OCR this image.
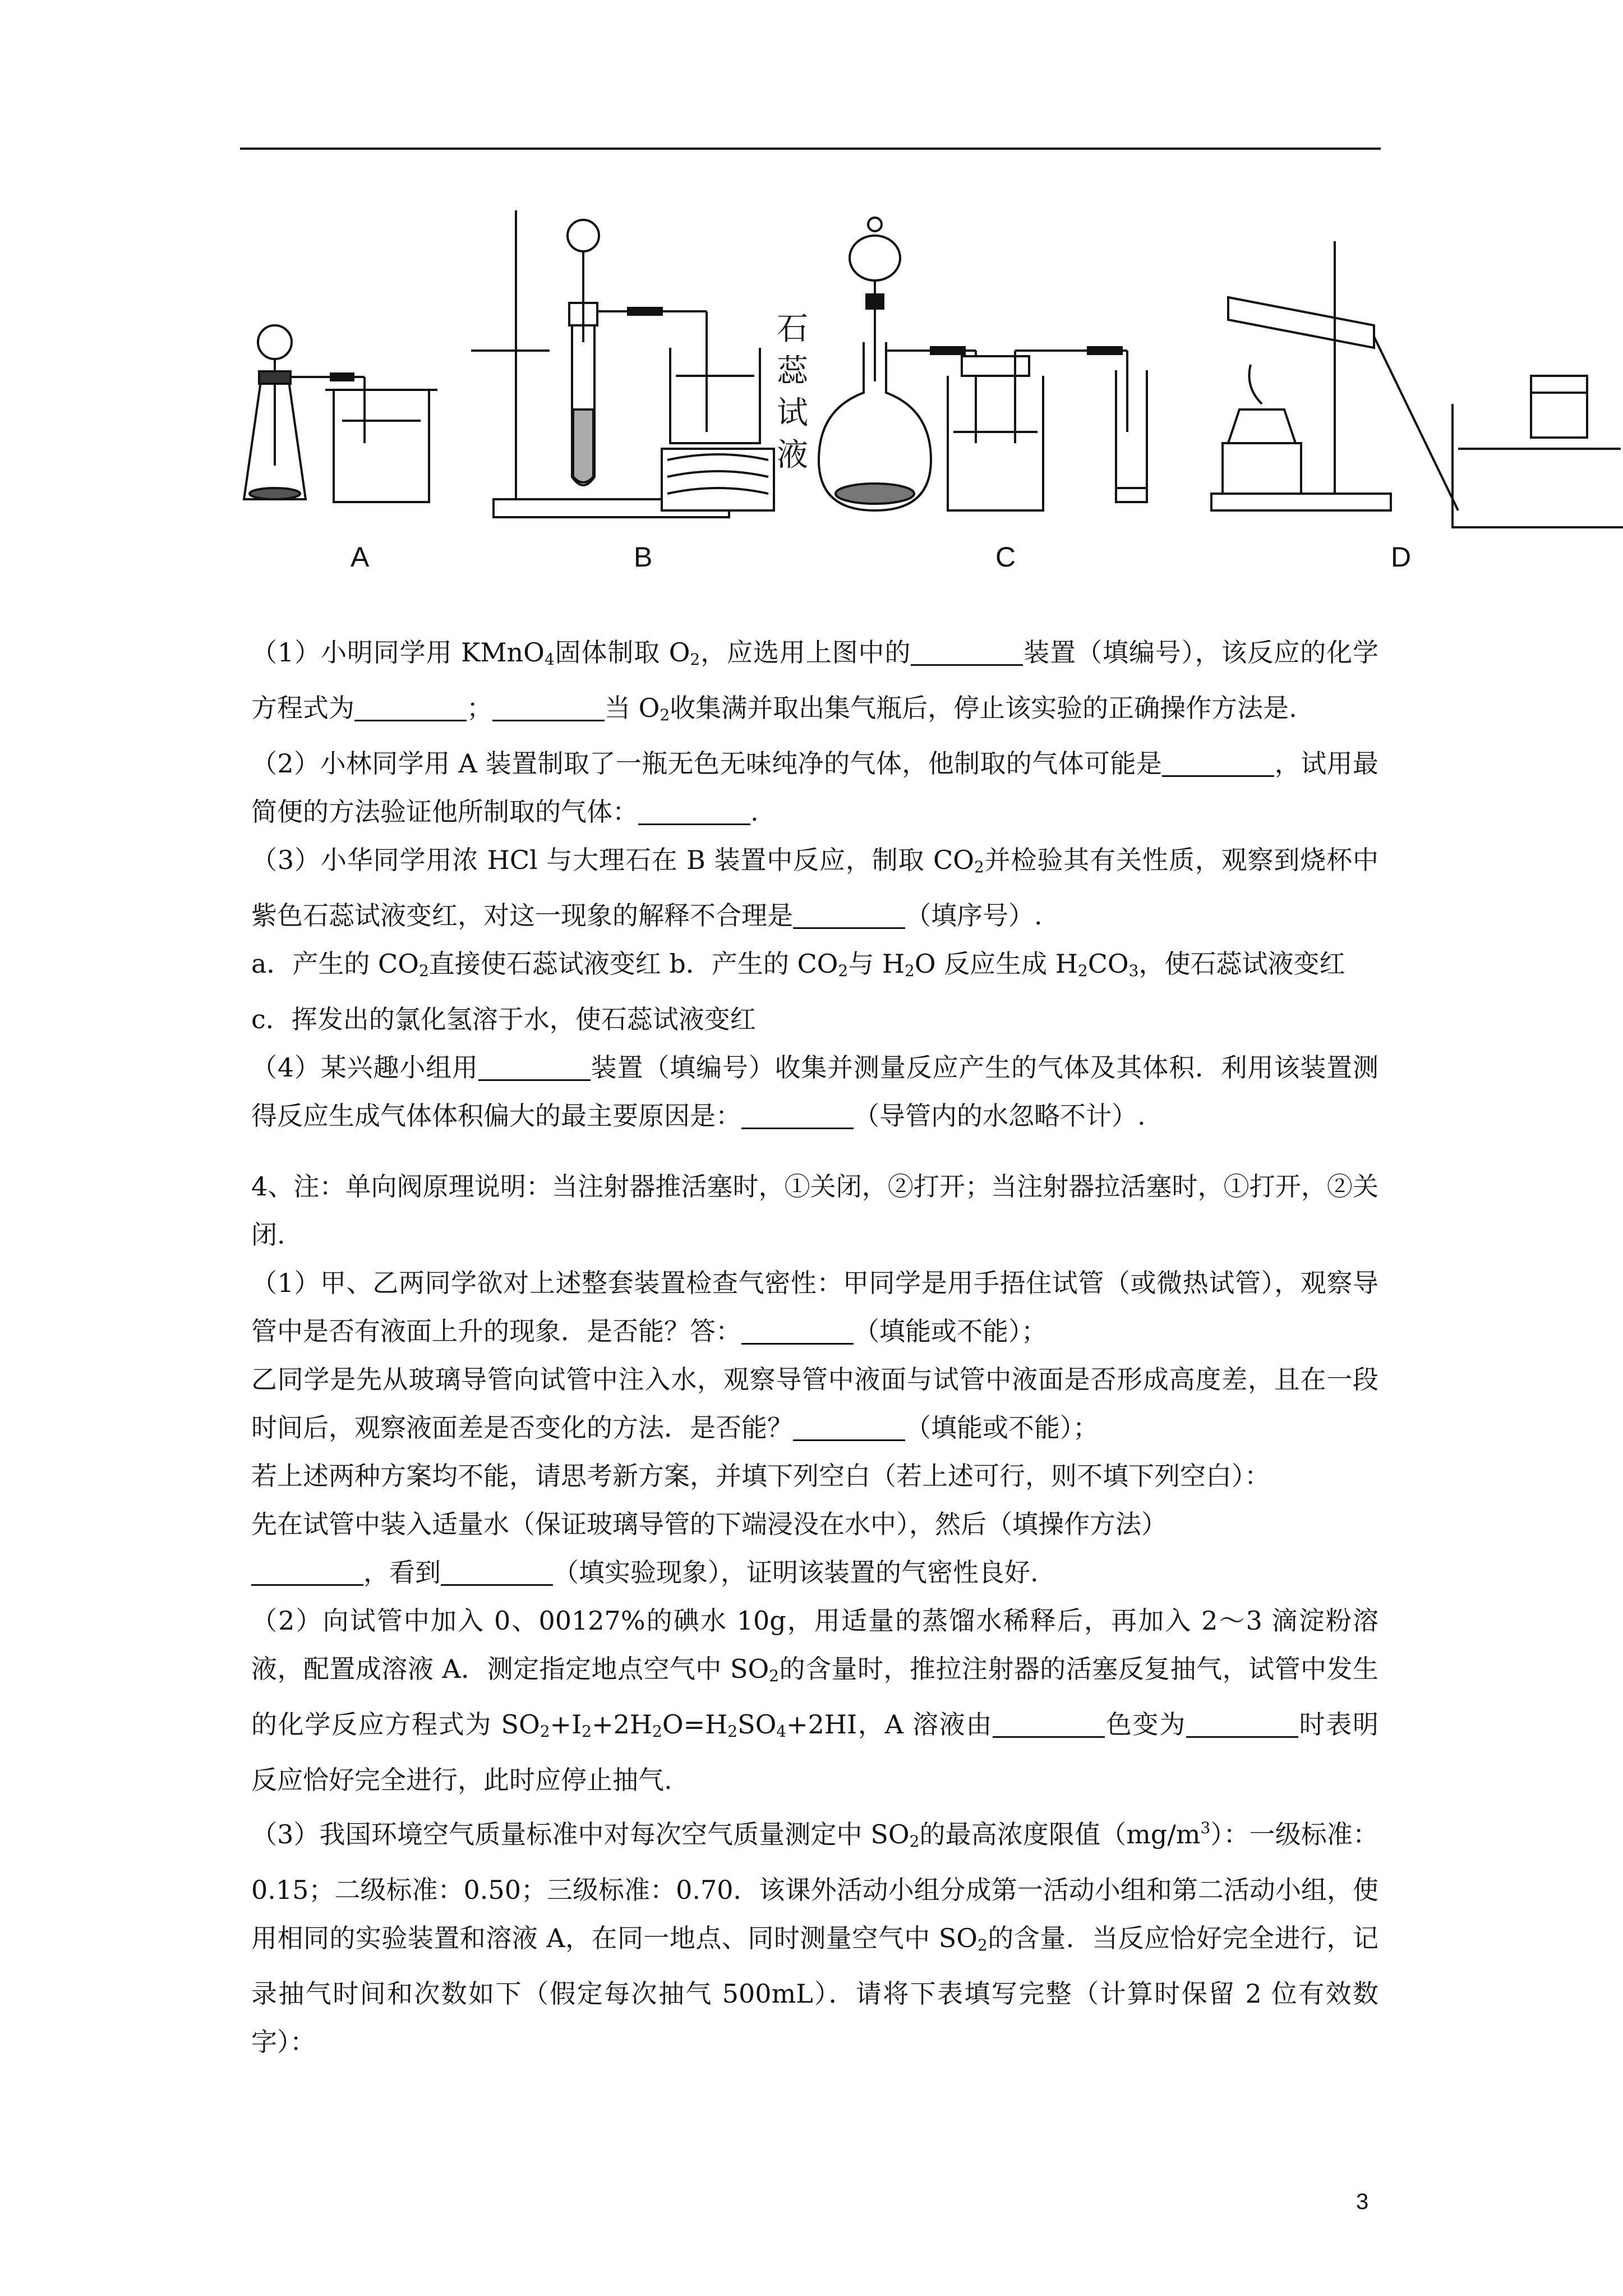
石
蕊
试
液
A	B	C	D

（1）小明同学用 KMnO$_4$固体制取 $O_2$，应选用上图中的	装置（填编号），该反应的化学方程式为	；	当 $O_2$收集满并取出集气瓶后，停止该实验的正确操作方法是.

（2）小林同学用 A 装置制取了一瓶无色无味纯净的气体，他制取的气体可能是	，试用最简便的方法验证他所制取的气体：	.

（3）小华同学用浓 HCl 与大理石在 B 装置中反应，制取 $CO_2$并检验其有关性质，观察到烧杯中紫色石蕊试液变红，对这一现象的解释不合理是	（填序号）.

a．产生的 $CO_2$直接使石蕊试液变红 b．产生的 $CO_2$与 $H_2O$ 反应生成 $H_2CO_3$，使石蕊试液变红

c．挥发出的氯化氢溶于水，使石蕊试液变红

（4）某兴趣小组用	装置（填编号）收集并测量反应产生的气体及其体积．利用该装置测得反应生成气体体积偏大的最主要原因是：	（导管内的水忽略不计）.

4、注：单向阀原理说明：当注射器推活塞时，①关闭，②打开；当注射器拉活塞时，①打开，②关闭.

（1）甲、乙两同学欲对上述整套装置检查气密性：甲同学是用手捂住试管（或微热试管），观察导管中是否有液面上升的现象．是否能？答：	（填能或不能）；

乙同学是先从玻璃导管向试管中注入水，观察导管中液面与试管中液面是否形成高度差，且在一段时间后，观察液面差是否变化的方法．是否能？	（填能或不能）；

若上述两种方案均不能，请思考新方案，并填下列空白（若上述可行，则不填下列空白）：

先在试管中装入适量水（保证玻璃导管的下端浸没在水中），然后（填操作方法）

，看到	（填实验现象），证明该装置的气密性良好.

（2）向试管中加入 0、00127%的碘水 10g，用适量的蒸馏水稀释后，再加入 2～3 滴淀粉溶液，配置成溶液 A．测定指定地点空气中 $SO_2$的含量时，推拉注射器的活塞反复抽气，试管中发生的化学反应方程式为 $SO_2+I_2+2H_2O=H_2SO_4+2HI$，A 溶液由	色变为	时表明反应恰好完全进行，此时应停止抽气.

（3）我国环境空气质量标准中对每次空气质量测定中 $SO_2$的最高浓度限值$(mg/m^3)$：一级标准：0.15；二级标准：0.50；三级标准：0.70．该课外活动小组分成第一活动小组和第二活动小组，使用相同的实验装置和溶液 A，在同一地点、同时测量空气中 $SO_2$的含量．当反应恰好完全进行，记录抽气时间和次数如下（假定每次抽气 500mL）．请将下表填写完整（计算时保留 2 位有效数字）：

3
